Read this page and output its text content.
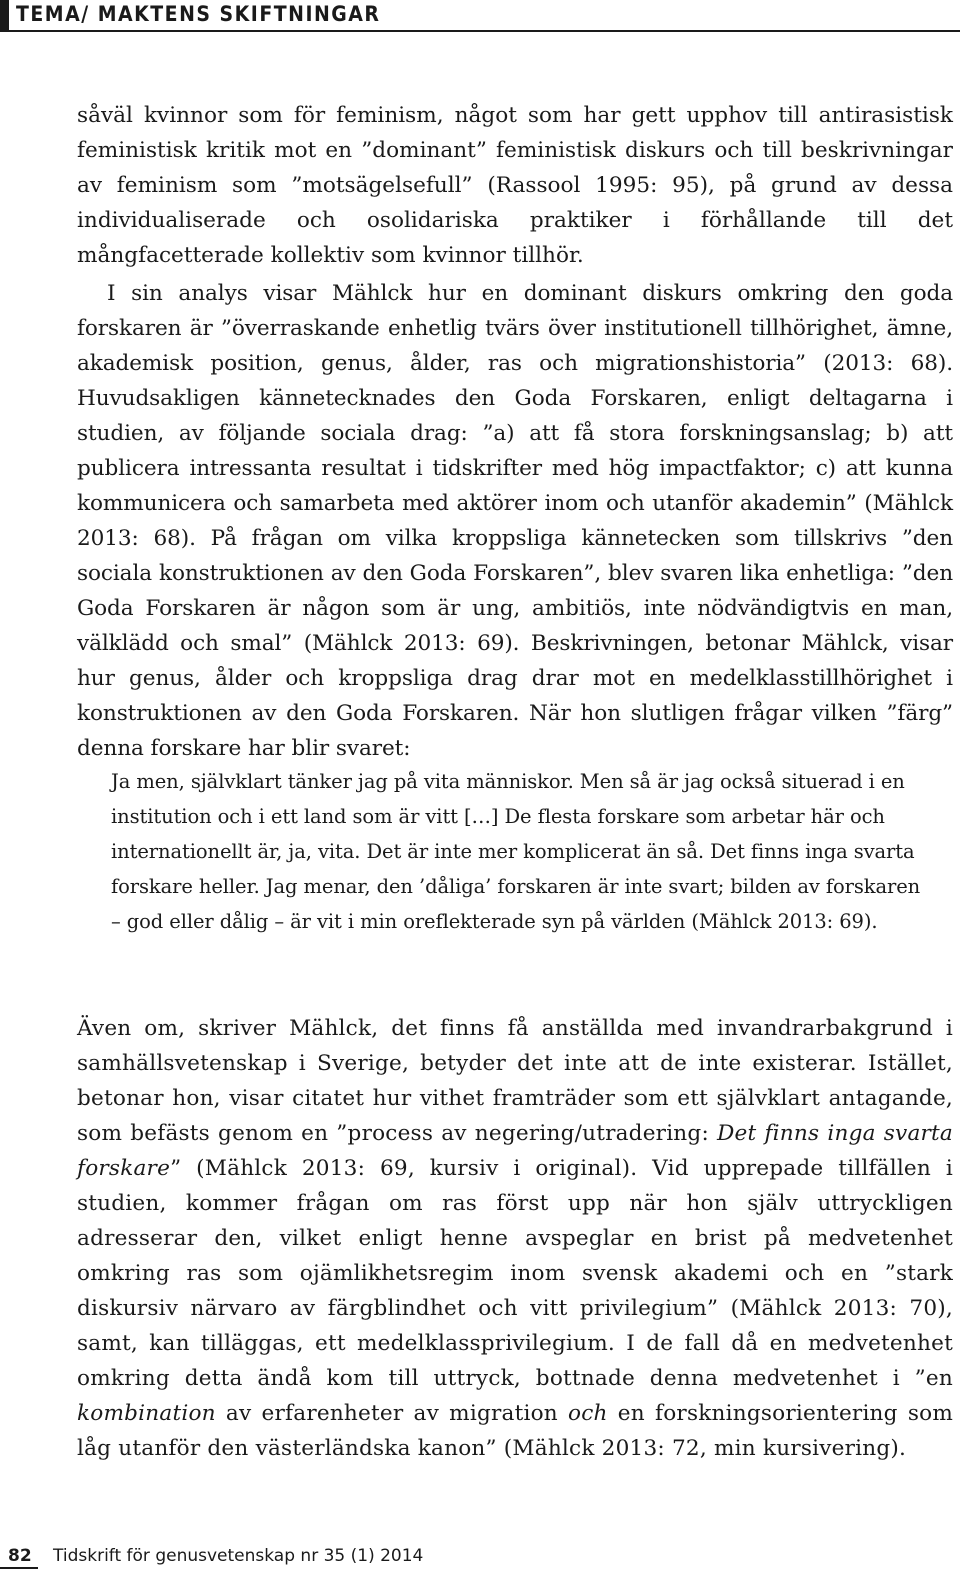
TEMA/ MAKTENS SKIFTNINGAR

såväl kvinnor som för feminism, något som har gett upphov till antirasistisk feministisk kritik mot en ”dominant” feministisk diskurs och till beskrivningar av feminism som ”motsägelsefull” (Rassool 1995: 95), på grund av dessa individualiserade och osolidariska praktiker i förhållande till det mångfacetterade kollektiv som kvinnor tillhör.

I sin analys visar Mählck hur en dominant diskurs omkring den goda forskaren är ”överraskande enhetlig tvärs över institutionell tillhörighet, ämne, akademisk position, genus, ålder, ras och migrationshistoria” (2013: 68). Huvudsakligen kännetecknades den Goda Forskaren, enligt deltagarna i studien, av följande sociala drag: ”a) att få stora forskningsanslag; b) att publicera intressanta resultat i tidskrifter med hög impactfaktor; c) att kunna kommunicera och samarbeta med aktörer inom och utanför akademin” (Mählck 2013: 68). På frågan om vilka kroppsliga kännetecken som tillskrivs ”den sociala konstruktionen av den Goda Forskaren”, blev svaren lika enhetliga: ”den Goda Forskaren är någon som är ung, ambitiös, inte nödvändigtvis en man, välklädd och smal” (Mählck 2013: 69). Beskrivningen, betonar Mählck, visar hur genus, ålder och kroppsliga drag drar mot en medelklasstillhörighet i konstruktionen av den Goda Forskaren. När hon slutligen frågar vilken ”färg” denna forskare har blir svaret:

Ja men, självklart tänker jag på vita människor. Men så är jag också situerad i en institution och i ett land som är vitt […] De flesta forskare som arbetar här och internationellt är, ja, vita. Det är inte mer komplicerat än så. Det finns inga svarta forskare heller. Jag menar, den ’dåliga’ forskaren är inte svart; bilden av forskaren – god eller dålig – är vit i min oreflekterade syn på världen (Mählck 2013: 69).

Även om, skriver Mählck, det finns få anställda med invandrarbakgrund i samhällsvetenskap i Sverige, betyder det inte att de inte existerar. Istället, betonar hon, visar citatet hur vithet framträder som ett självklart antagande, som befästs genom en ”process av negering/utradering: Det finns inga svarta forskare” (Mählck 2013: 69, kursiv i original). Vid upprepade tillfällen i studien, kommer frågan om ras först upp när hon själv uttryckligen adresserar den, vilket enligt henne avspeglar en brist på medvetenhet omkring ras som ojämlikhetsregim inom svensk akademi och en ”stark diskursiv närvaro av färgblindhet och vitt privilegium” (Mählck 2013: 70), samt, kan tilläggas, ett medelklassprivilegium. I de fall då en medvetenhet omkring detta ändå kom till uttryck, bottnade denna medvetenhet i ”en kombination av erfarenheter av migration och en forskningsorientering som låg utanför den västerländska kanon” (Mählck 2013: 72, min kursivering).

82 Tidskrift för genusvetenskap nr 35 (1) 2014
